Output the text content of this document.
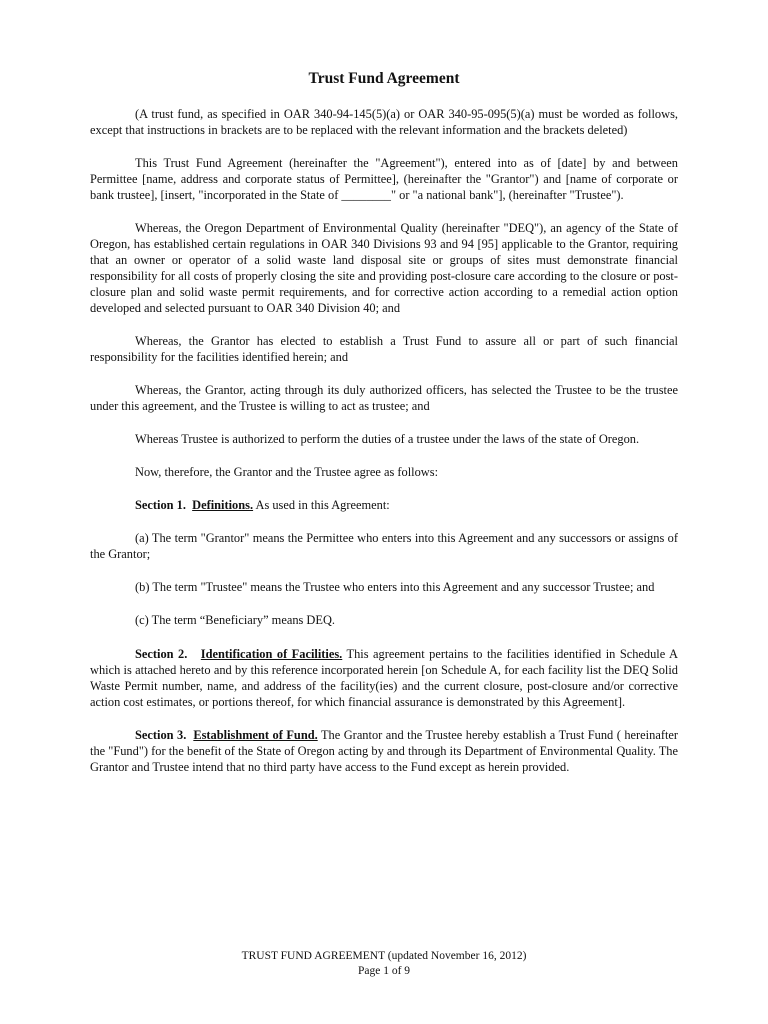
Trust Fund Agreement

(A trust fund, as specified in OAR 340-94-145(5)(a) or OAR 340-95-095(5)(a) must be worded as follows, except that instructions in brackets are to be replaced with the relevant information and the brackets deleted)

This Trust Fund Agreement (hereinafter the "Agreement"), entered into as of [date] by and between Permittee [name, address and corporate status of Permittee], (hereinafter the "Grantor") and [name of corporate or bank trustee], [insert, "incorporated in the State of ________" or "a national bank"], (hereinafter "Trustee").

Whereas, the Oregon Department of Environmental Quality (hereinafter "DEQ"), an agency of the State of Oregon, has established certain regulations in OAR 340 Divisions 93 and 94 [95] applicable to the Grantor, requiring that an owner or operator of a solid waste land disposal site or groups of sites must demonstrate financial responsibility for all costs of properly closing the site and providing post-closure care according to the closure or post-closure plan and solid waste permit requirements, and for corrective action according to a remedial action option developed and selected pursuant to OAR 340 Division 40; and

Whereas, the Grantor has elected to establish a Trust Fund to assure all or part of such financial responsibility for the facilities identified herein; and

Whereas, the Grantor, acting through its duly authorized officers, has selected the Trustee to be the trustee under this agreement, and the Trustee is willing to act as trustee; and

Whereas Trustee is authorized to perform the duties of a trustee under the laws of the state of Oregon.

Now, therefore, the Grantor and the Trustee agree as follows:

Section 1. Definitions. As used in this Agreement:

(a) The term "Grantor" means the Permittee who enters into this Agreement and any successors or assigns of the Grantor;

(b) The term "Trustee" means the Trustee who enters into this Agreement and any successor Trustee; and

(c) The term “Beneficiary” means DEQ.

Section 2. Identification of Facilities. This agreement pertains to the facilities identified in Schedule A which is attached hereto and by this reference incorporated herein [on Schedule A, for each facility list the DEQ Solid Waste Permit number, name, and address of the facility(ies) and the current closure, post-closure and/or corrective action cost estimates, or portions thereof, for which financial assurance is demonstrated by this Agreement].

Section 3. Establishment of Fund. The Grantor and the Trustee hereby establish a Trust Fund ( hereinafter the "Fund") for the benefit of the State of Oregon acting by and through its Department of Environmental Quality. The Grantor and Trustee intend that no third party have access to the Fund except as herein provided.

TRUST FUND AGREEMENT (updated November 16, 2012)
Page 1 of 9
